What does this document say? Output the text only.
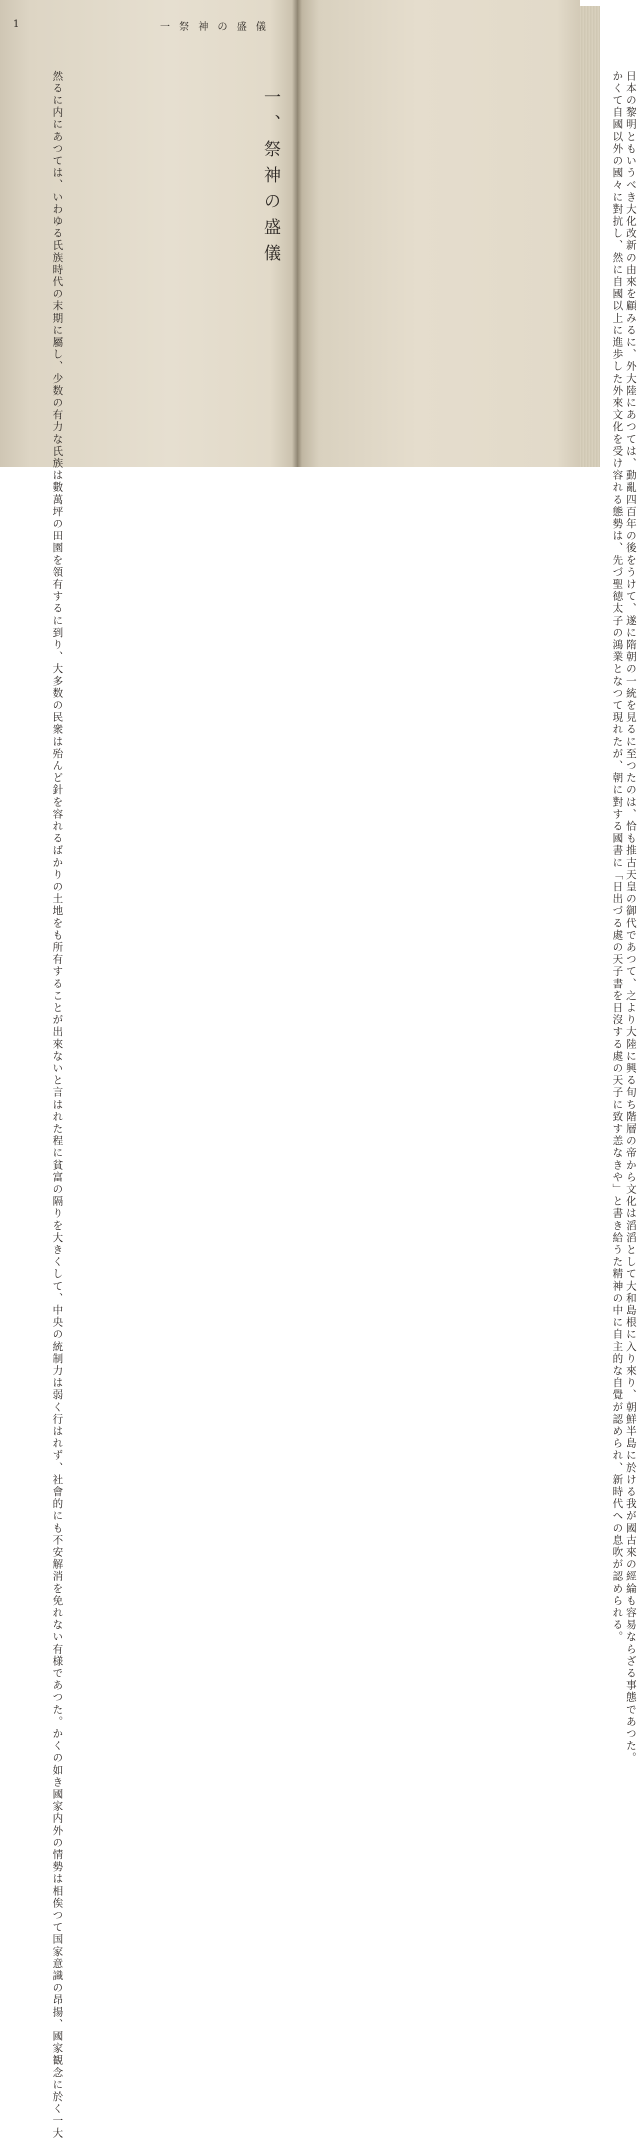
1	一 祭 神 の 盛 儀

　然るに内にあつては、いわゆる氏族時代の末期に屬し、少数の有力な氏族は數萬坪の田園を領有するに到り、大多数の民衆は殆んど針を容れるばかりの土地をも所有することが出來ないと言はれた程に貧富の隔りを大きくして、中央の統制力は弱く行はれず、社會的にも不安解消を免れない有様であつた。かくの如き國家内外の情勢は相俟つて国家意識の昂揚、國家観念に於く一大	一、祭神の盛儀	　日本の黎明ともいうべき大化改新の由來を顧みるに、外大陸にあつては、動亂四百年の後をうけて、遂に隋朝の一統を見るに至つたのは、恰も推古天皇の御代であつて、之より大陸に興る旬ち階層の帝から文化は滔滔として大和島根に入り來り、朝鮮半島に於ける我が國古來の經綸も容易ならざる事態であつた。

　かくて自國以外の國々に對抗し、然に自國以上に進歩した外來文化を受け容れる態勢は、先づ聖徳太子の鴻業となつて現れたが、朝に對する國書に「日出づる處の天子書を日沒する處の天子に致す恙なきや」と書き給うた精神の中に自主的な自覺が認められ、新時代への息吹が認められる。
